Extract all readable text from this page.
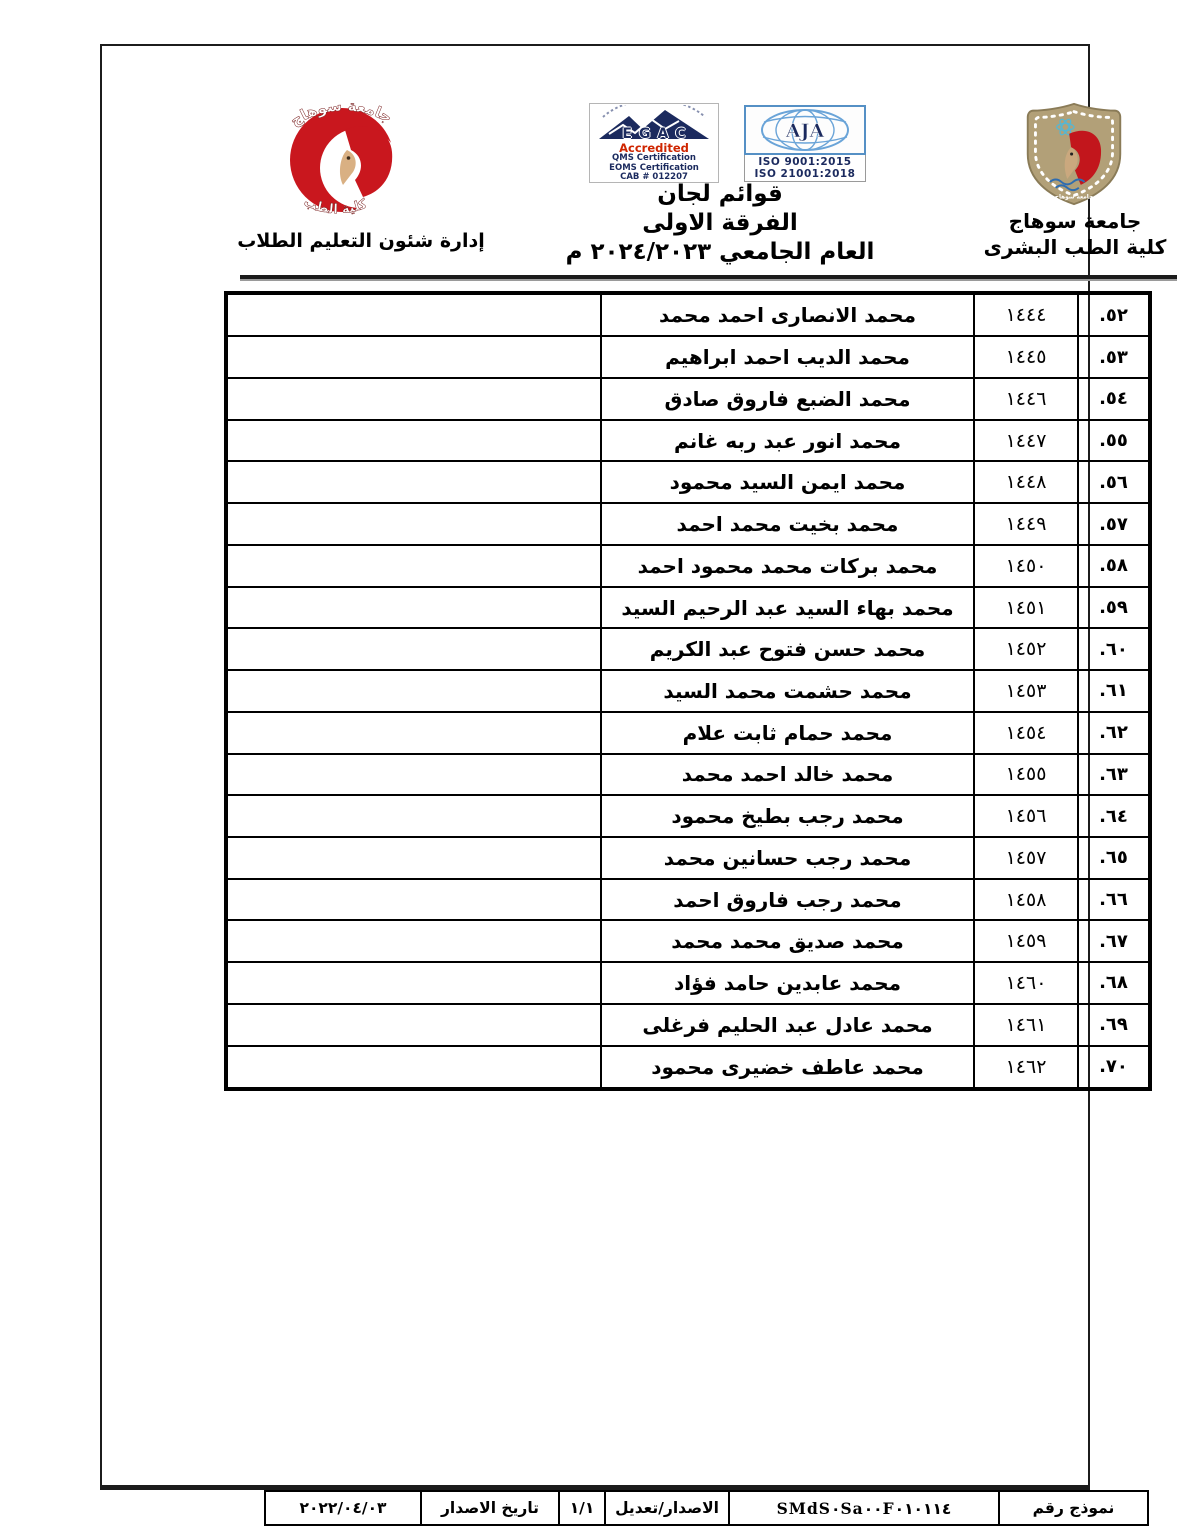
جامعة سوهاج
كلية الطب
إدارة شئون التعليم الطلاب
EGAC
Accredited
QMS Certification
EOMS Certification
CAB # 012207
AJA
ISO 9001:2015
ISO 21001:2018
قوائم لجان
الفرقة الاولى
العام الجامعي ٢٠٢٤/٢٠٢٣ م
جامعة سوهاج
جامعة سوهاج
كلية الطب البشرى
٥٢.	١٤٤٤	محمد الانصارى احمد محمد	
٥٣.	١٤٤٥	محمد الديب احمد ابراهيم	
٥٤.	١٤٤٦	محمد الضبع فاروق صادق	
٥٥.	١٤٤٧	محمد انور عبد ربه غانم	
٥٦.	١٤٤٨	محمد ايمن السيد محمود	
٥٧.	١٤٤٩	محمد بخيت محمد احمد	
٥٨.	١٤٥٠	محمد بركات محمد محمود احمد	
٥٩.	١٤٥١	محمد بهاء السيد عبد الرحيم السيد	
٦٠.	١٤٥٢	محمد حسن فتوح عبد الكريم	
٦١.	١٤٥٣	محمد حشمت محمد السيد	
٦٢.	١٤٥٤	محمد حمام ثابت علام	
٦٣.	١٤٥٥	محمد خالد احمد محمد	
٦٤.	١٤٥٦	محمد رجب بطيخ محمود	
٦٥.	١٤٥٧	محمد رجب حسانين محمد	
٦٦.	١٤٥٨	محمد رجب فاروق احمد	
٦٧.	١٤٥٩	محمد صديق محمد محمد	
٦٨.	١٤٦٠	محمد عابدين حامد فؤاد	
٦٩.	١٤٦١	محمد عادل عبد الحليم فرغلى	
٧٠.	١٤٦٢	محمد عاطف خضيرى محمود	
نموذج رقم	SMdS٠Sa٠٠F٠١٠١١٤	الاصدار/تعديل	١/١	تاريخ الاصدار	٢٠٢٢/٠٤/٠٣
